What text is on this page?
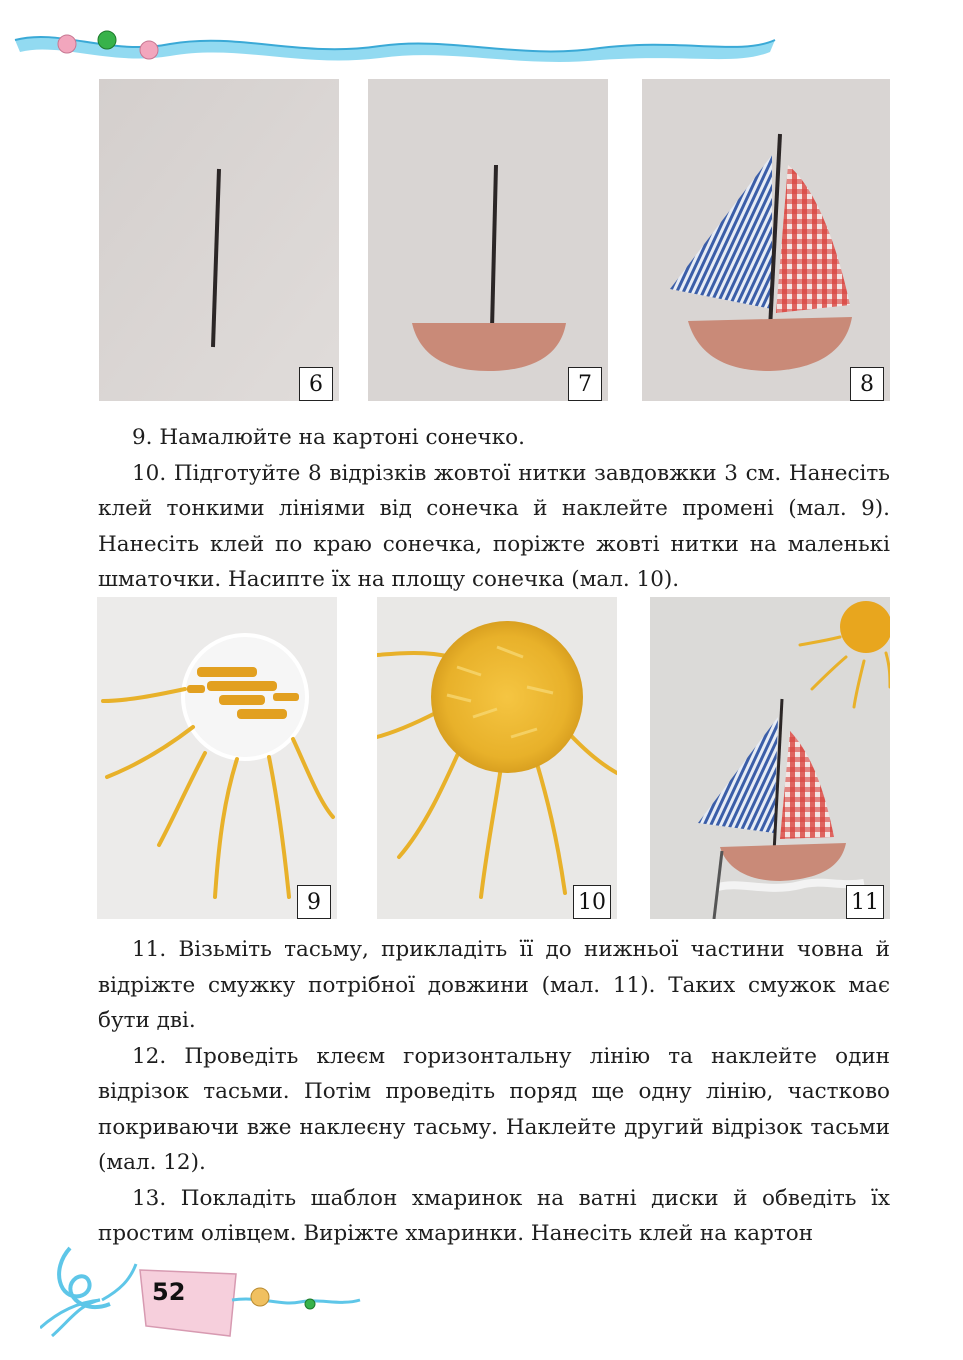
6	7	8

9. Намалюйте на картоні сонечко.

10. Підготуйте 8 відрізків жовтої нитки завдовжки 3 см. Нанесіть клей тонкими лініями від сонечка й наклейте промені (мал. 9). Нанесіть клей по краю сонечка, поріжте жовті нитки на маленькі шматочки. Насипте їх на площу сонечка (мал. 10).

9	10	11

11. Візьміть тасьму, прикладіть її до нижньої частини човна й відріжте смужку потрібної довжини (мал. 11). Таких смужок має бути дві.

12. Проведіть клеєм горизонтальну лінію та наклейте один відрізок тасьми. Потім проведіть поряд ще одну лінію, частково покриваючи вже наклеєну тасьму. Наклейте другий відрізок тасьми (мал. 12).

13. Покладіть шаблон хмаринок на ватні диски й обведіть їх простим олівцем. Виріжте хмаринки. Нанесіть клей на картон

52
